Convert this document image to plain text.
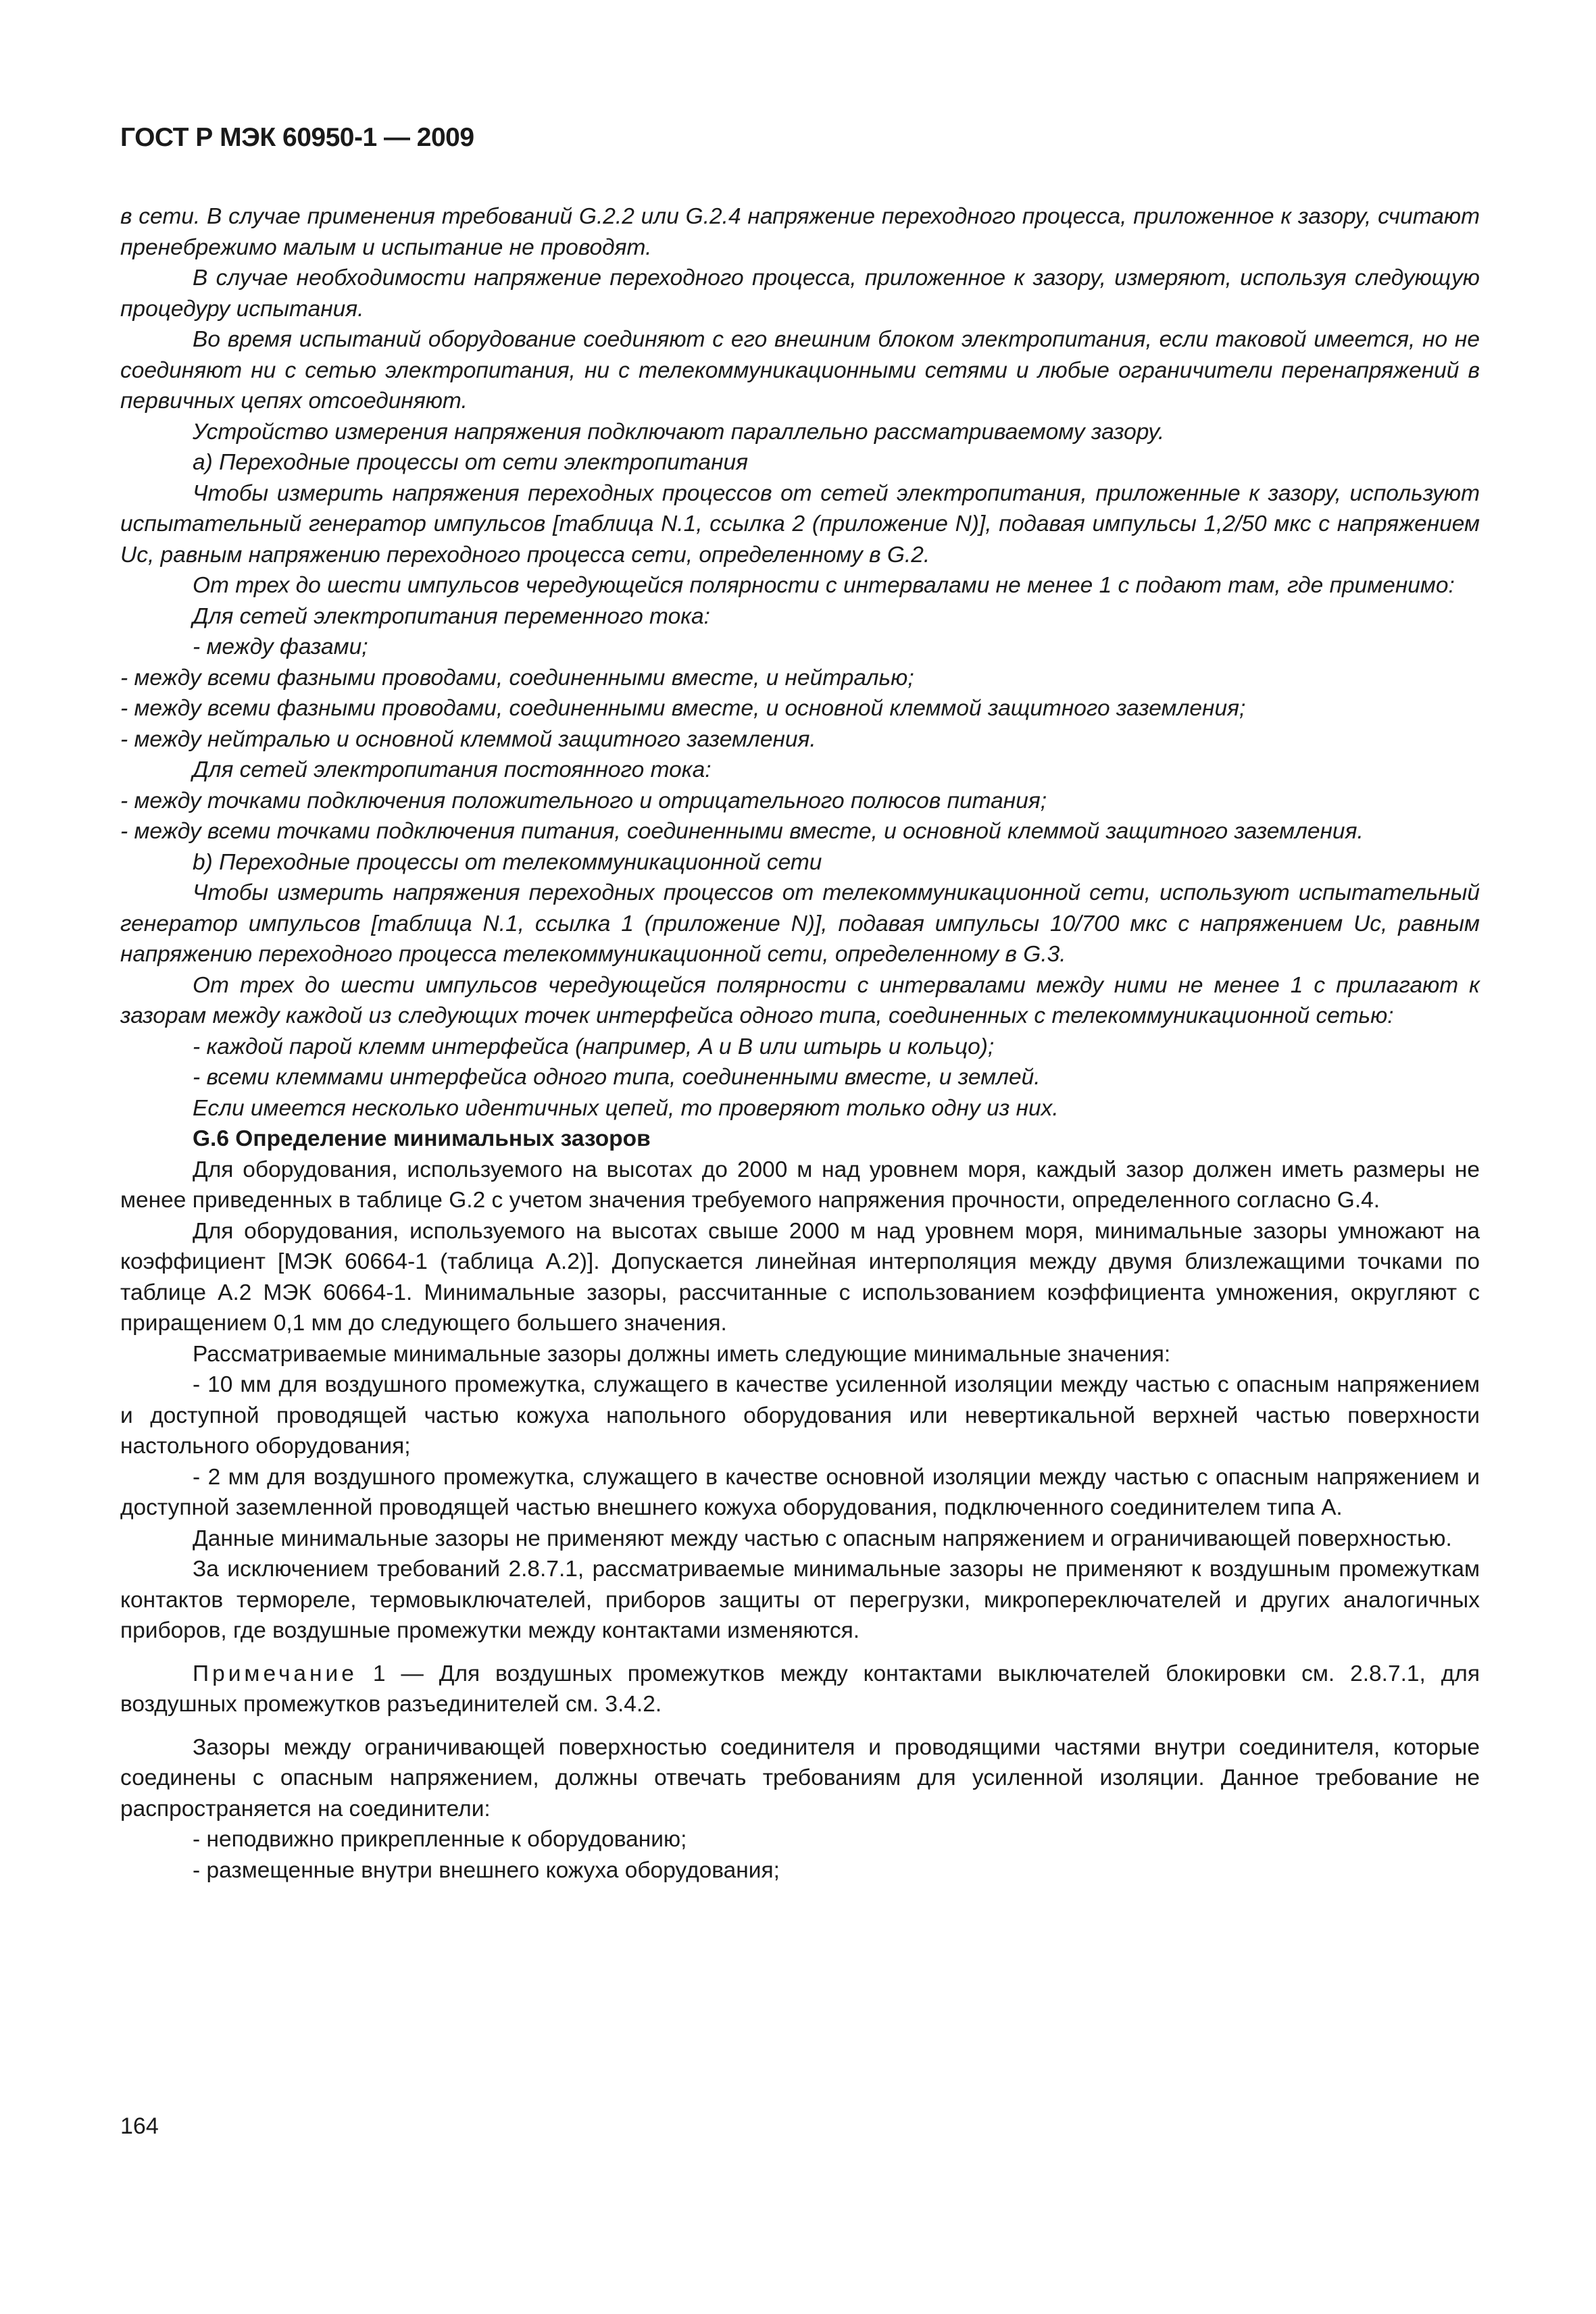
ГОСТ Р МЭК 60950-1 — 2009

в сети. В случае применения требований G.2.2 или G.2.4 напряжение переходного процесса, приложенное к зазору, считают пренебрежимо малым и испытание не проводят.

В случае необходимости напряжение переходного процесса, приложенное к зазору, измеряют, используя следующую процедуру испытания.

Во время испытаний оборудование соединяют с его внешним блоком электропитания, если таковой имеется, но не соединяют ни с сетью электропитания, ни с телекоммуникационными сетями и любые ограничители перенапряжений в первичных цепях отсоединяют.

Устройство измерения напряжения подключают параллельно рассматриваемому зазору.

a) Переходные процессы от сети электропитания

Чтобы измерить напряжения переходных процессов от сетей электропитания, приложенные к зазору, используют испытательный генератор импульсов [таблица N.1, ссылка 2 (приложение N)], подавая импульсы 1,2/50 мкс с напряжением Uc, равным напряжению переходного процесса сети, определенному в G.2.

От трех до шести импульсов чередующейся полярности с интервалами не менее 1 с подают там, где применимо:

Для сетей электропитания переменного тока:

- между фазами;

- между всеми фазными проводами, соединенными вместе, и нейтралью;

- между всеми фазными проводами, соединенными вместе, и основной клеммой защитного заземления;

- между нейтралью и основной клеммой защитного заземления.

Для сетей электропитания постоянного тока:

- между точками подключения положительного и отрицательного полюсов питания;

- между всеми точками подключения питания, соединенными вместе, и основной клеммой защитного заземления.

b) Переходные процессы от телекоммуникационной сети

Чтобы измерить напряжения переходных процессов от телекоммуникационной сети, используют испытательный генератор импульсов [таблица N.1, ссылка 1 (приложение N)], подавая импульсы 10/700 мкс с напряжением Uc, равным напряжению переходного процесса телекоммуникационной сети, определенному в G.3.

От трех до шести импульсов чередующейся полярности с интервалами между ними не менее 1 с прилагают к зазорам между каждой из следующих точек интерфейса одного типа, соединенных с телекоммуникационной сетью:

- каждой парой клемм интерфейса (например, A и B или штырь и кольцо);

- всеми клеммами интерфейса одного типа, соединенными вместе, и землей.

Если имеется несколько идентичных цепей, то проверяют только одну из них.

G.6 Определение минимальных зазоров

Для оборудования, используемого на высотах до 2000 м над уровнем моря, каждый зазор должен иметь размеры не менее приведенных в таблице G.2 с учетом значения требуемого напряжения прочности, определенного согласно G.4.

Для оборудования, используемого на высотах свыше 2000 м над уровнем моря, минимальные зазоры умножают на коэффициент [МЭК 60664-1 (таблица A.2)]. Допускается линейная интерполяция между двумя близлежащими точками по таблице A.2 МЭК 60664-1. Минимальные зазоры, рассчитанные с использованием коэффициента умножения, округляют с приращением 0,1 мм до следующего большего значения.

Рассматриваемые минимальные зазоры должны иметь следующие минимальные значения:

- 10 мм для воздушного промежутка, служащего в качестве усиленной изоляции между частью с опасным напряжением и доступной проводящей частью кожуха напольного оборудования или невертикальной верхней частью поверхности настольного оборудования;

- 2 мм для воздушного промежутка, служащего в качестве основной изоляции между частью с опасным напряжением и доступной заземленной проводящей частью внешнего кожуха оборудования, подключенного соединителем типа A.

Данные минимальные зазоры не применяют между частью с опасным напряжением и ограничивающей поверхностью.

За исключением требований 2.8.7.1, рассматриваемые минимальные зазоры не применяют к воздушным промежуткам контактов термореле, термовыключателей, приборов защиты от перегрузки, микропереключателей и других аналогичных приборов, где воздушные промежутки между контактами изменяются.

Примечание 1 — Для воздушных промежутков между контактами выключателей блокировки см. 2.8.7.1, для воздушных промежутков разъединителей см. 3.4.2.

Зазоры между ограничивающей поверхностью соединителя и проводящими частями внутри соединителя, которые соединены с опасным напряжением, должны отвечать требованиям для усиленной изоляции. Данное требование не распространяется на соединители:

- неподвижно прикрепленные к оборудованию;

- размещенные внутри внешнего кожуха оборудования;

164
